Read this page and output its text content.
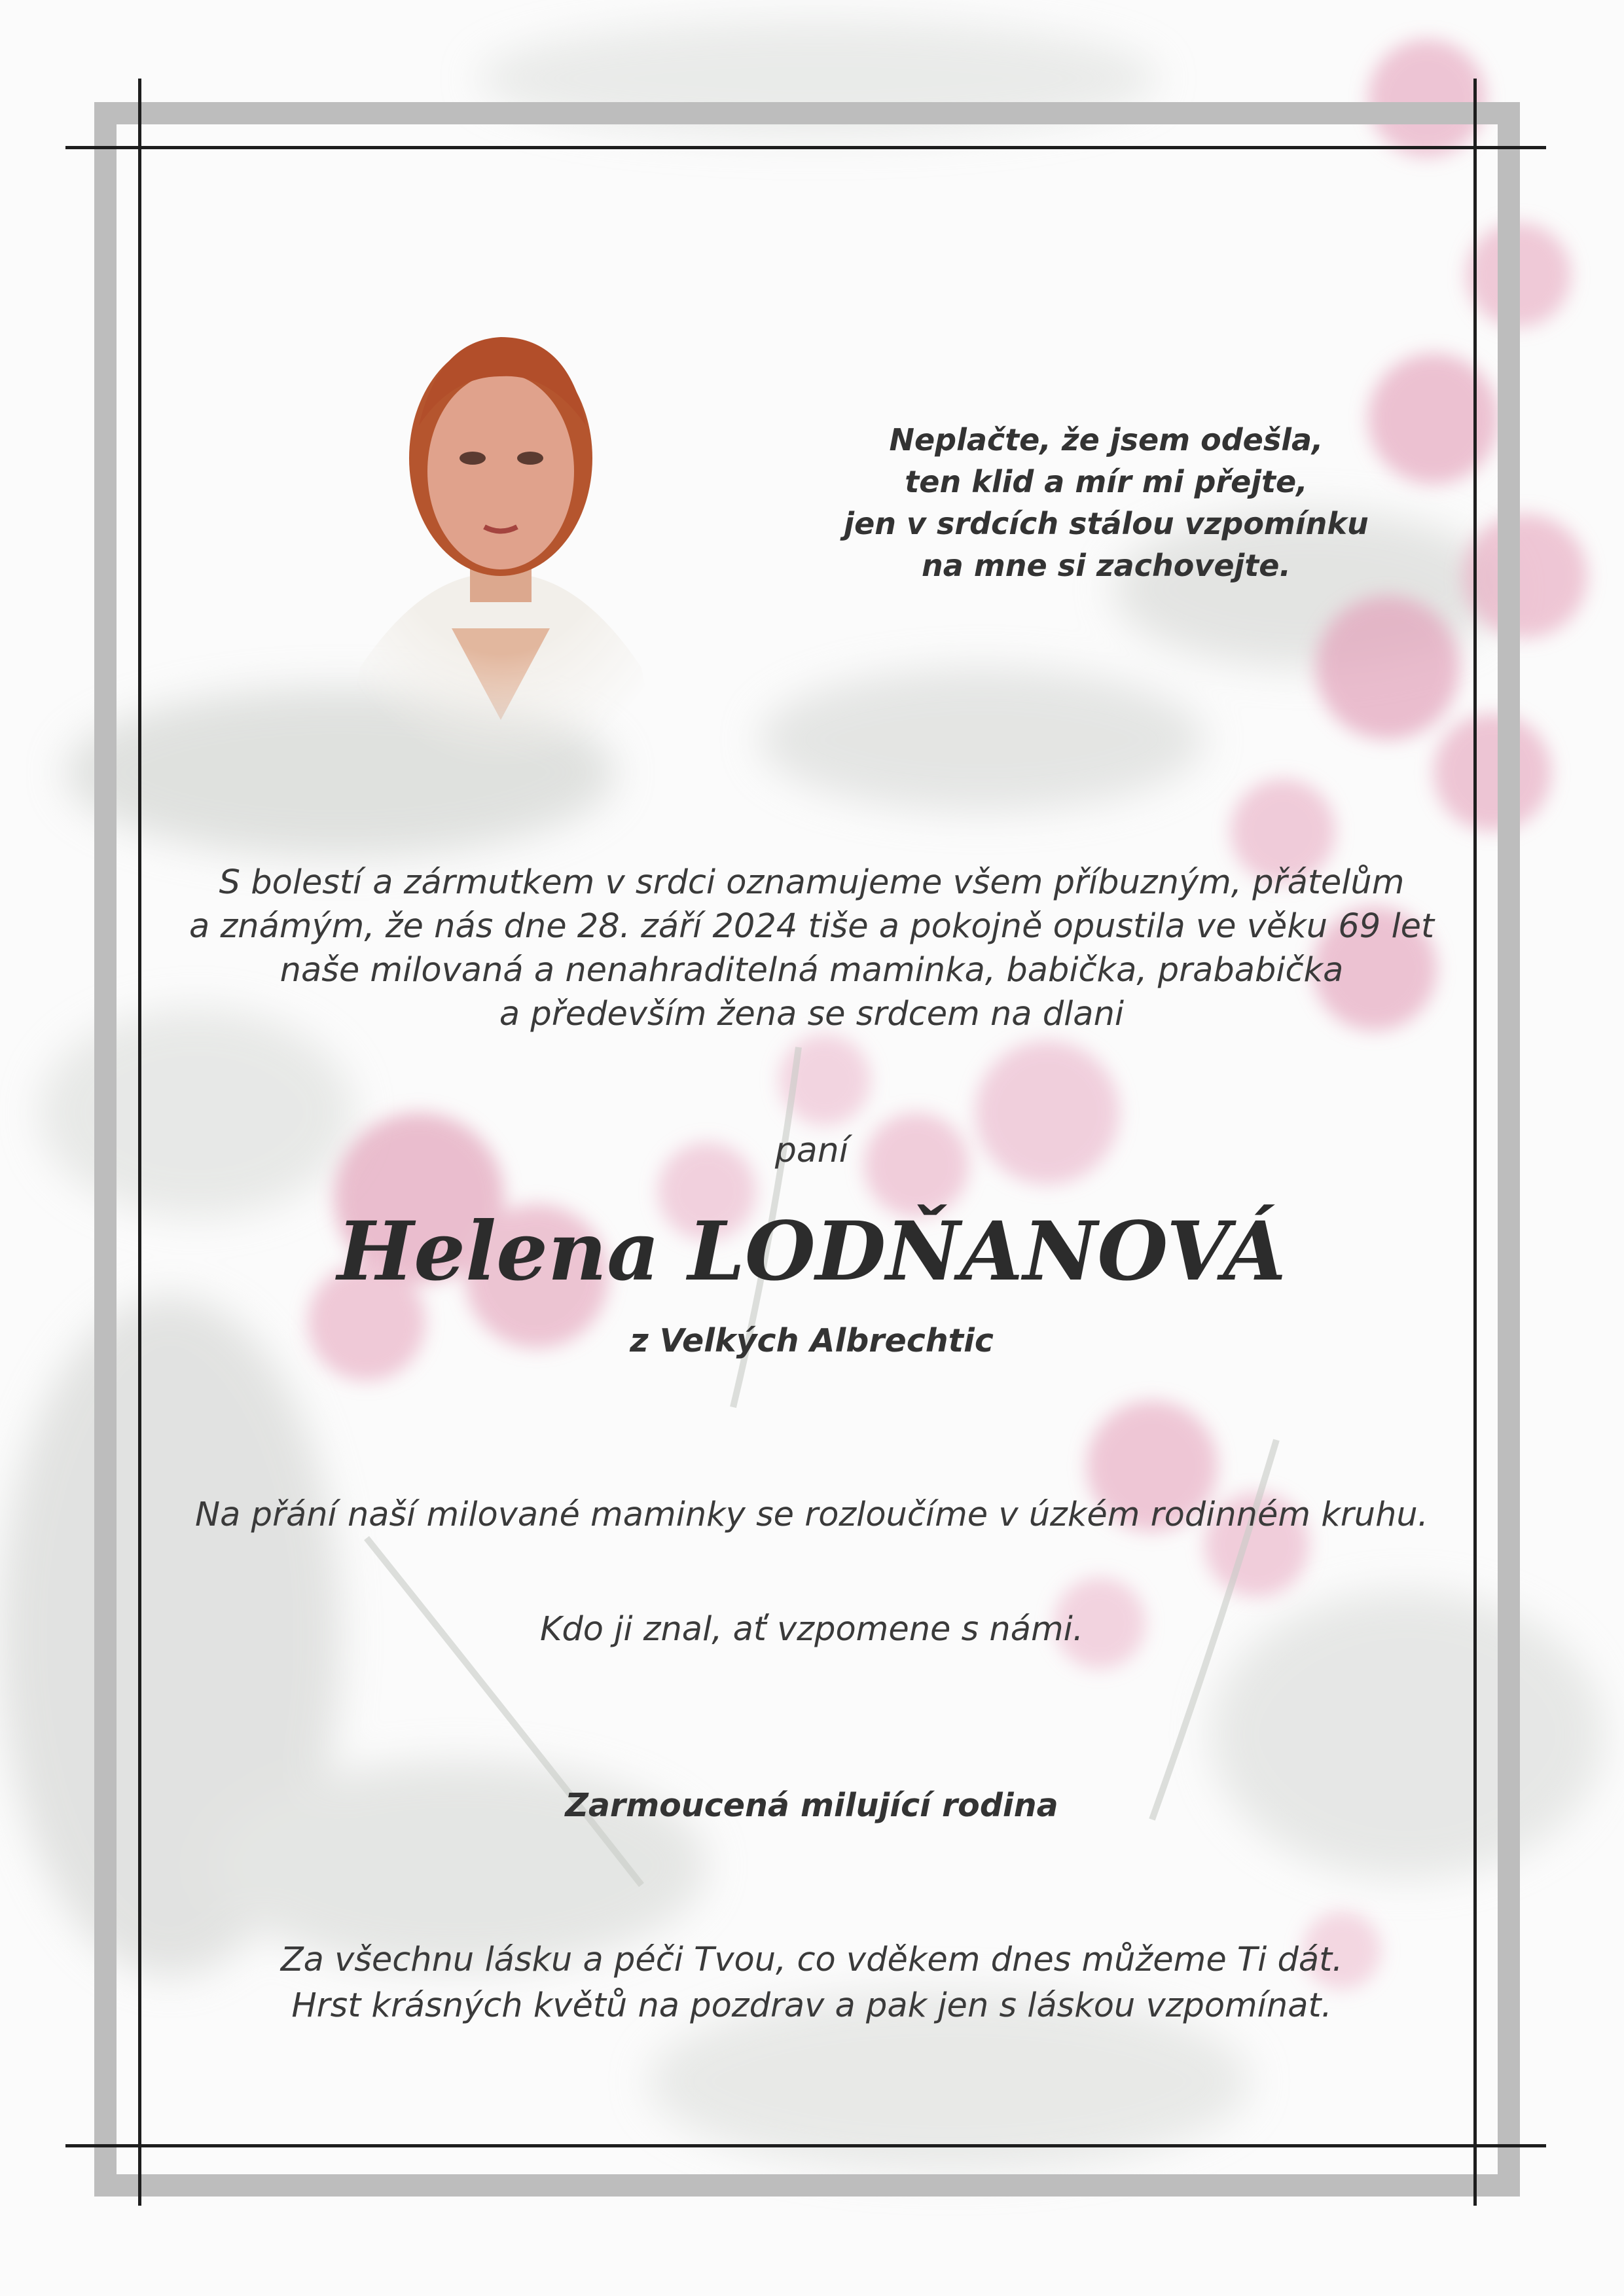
Neplačte, že jsem odešla,
ten klid a mír mi přejte,
jen v srdcích stálou vzpomínku
na mne si zachovejte.
S bolestí a zármutkem v srdci oznamujeme všem příbuzným, přátelům
a známým, že nás dne 28. září 2024 tiše a pokojně opustila ve věku 69 let
naše milovaná a nenahraditelná maminka, babička, prababička
a především žena se srdcem na dlani
paní
Helena LODŇANOVÁ
z Velkých Albrechtic
Na přání naší milované maminky se rozloučíme v úzkém rodinném kruhu.
Kdo ji znal, ať vzpomene s námi.
Zarmoucená milující rodina
Za všechnu lásku a péči Tvou, co vděkem dnes můžeme Ti dát.
Hrst krásných květů na pozdrav a pak jen s láskou vzpomínat.
